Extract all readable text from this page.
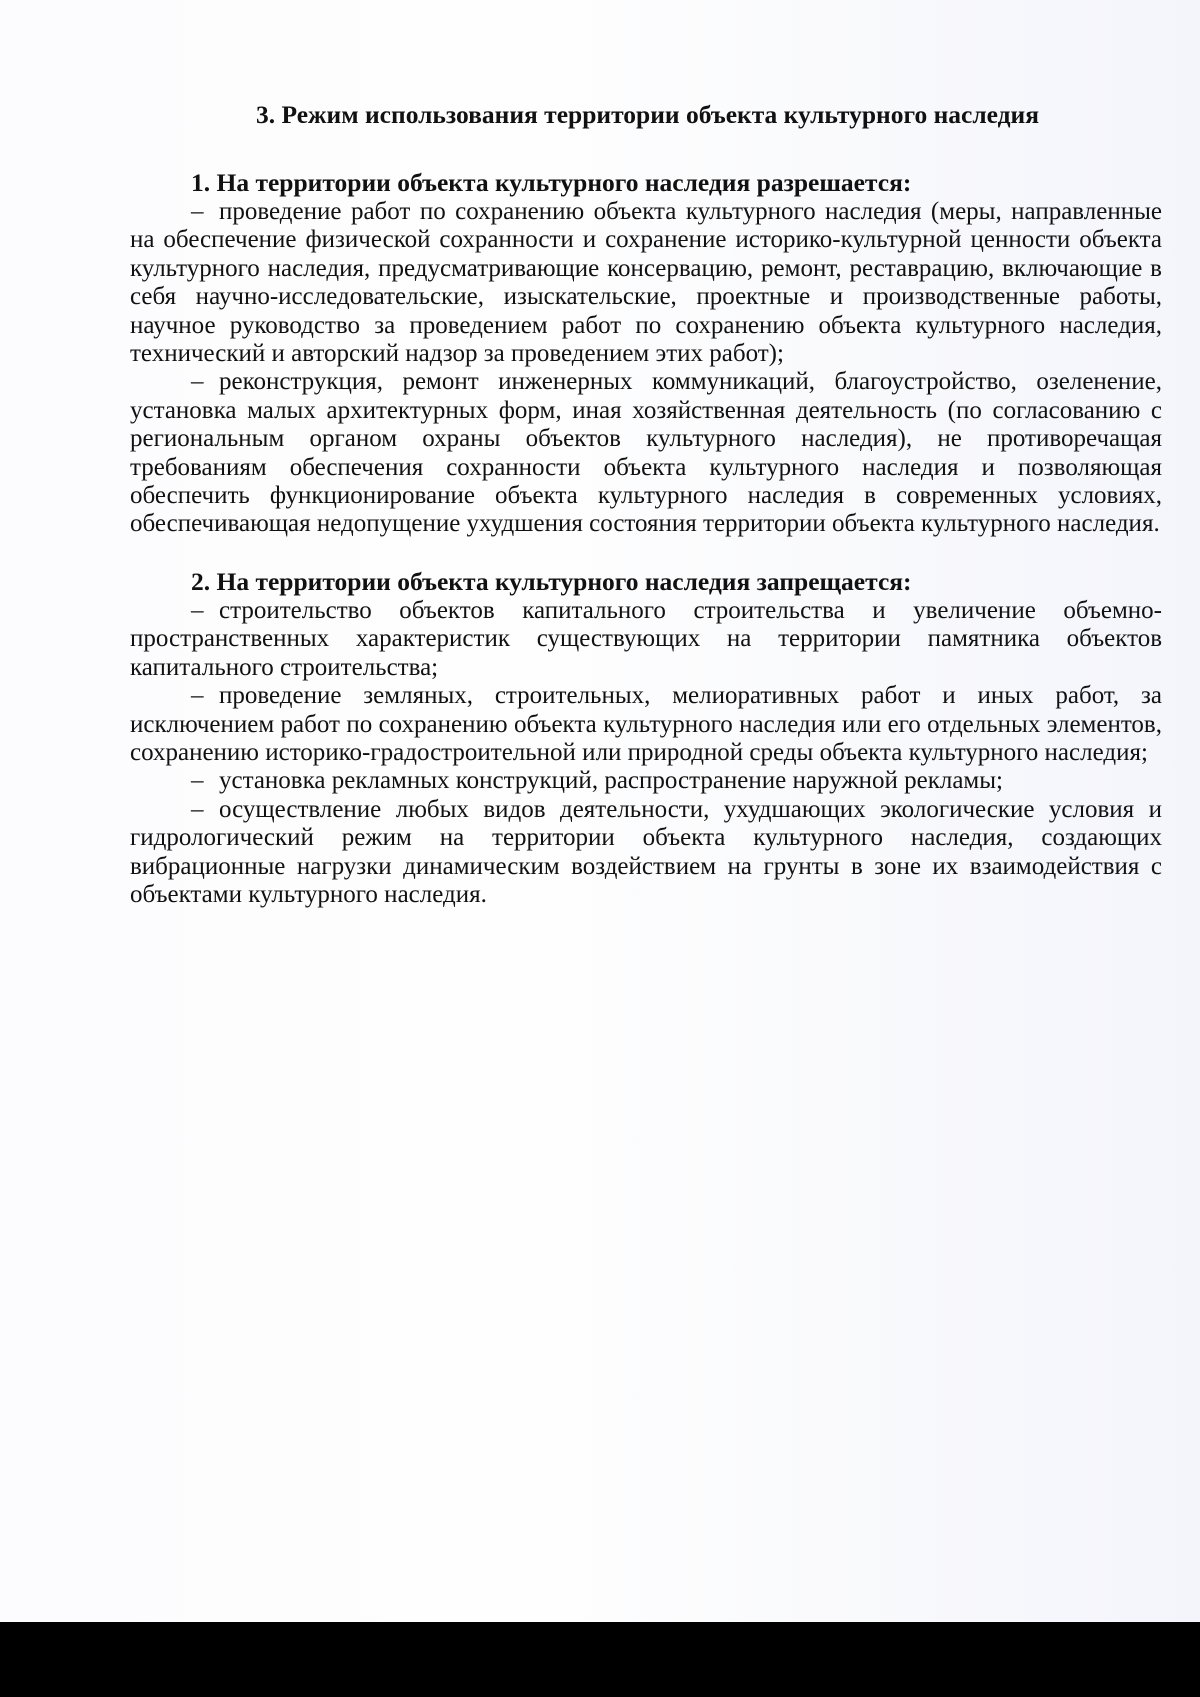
3. Режим использования территории объекта культурного наследия
1. На территории объекта культурного наследия разрешается:

– проведение работ по сохранению объекта культурного наследия (меры, направленные на обеспечение физической сохранности и сохранение историко-культурной ценности объекта культурного наследия, предусматривающие консервацию, ремонт, реставрацию, включающие в себя научно-исследовательские, изыскательские, проектные и производственные работы, научное руководство за проведением работ по сохранению объекта культурного наследия, технический и авторский надзор за проведением этих работ);

– реконструкция, ремонт инженерных коммуникаций, благоустройство, озеленение, установка малых архитектурных форм, иная хозяйственная деятельность (по согласованию с региональным органом охраны объектов культурного наследия), не противоречащая требованиям обеспечения сохранности объекта культурного наследия и позволяющая обеспечить функционирование объекта культурного наследия в современных условиях, обеспечивающая недопущение ухудшения состояния территории объекта культурного наследия.

2. На территории объекта культурного наследия запрещается:

– строительство объектов капитального строительства и увеличение объемно-пространственных характеристик существующих на территории памятника объектов капитального строительства;

– проведение земляных, строительных, мелиоративных работ и иных работ, за исключением работ по сохранению объекта культурного наследия или его отдельных элементов, сохранению историко-градостроительной или природной среды объекта культурного наследия;

– установка рекламных конструкций, распространение наружной рекламы;

– осуществление любых видов деятельности, ухудшающих экологические условия и гидрологический режим на территории объекта культурного наследия, создающих вибрационные нагрузки динамическим воздействием на грунты в зоне их взаимодействия с объектами культурного наследия.
